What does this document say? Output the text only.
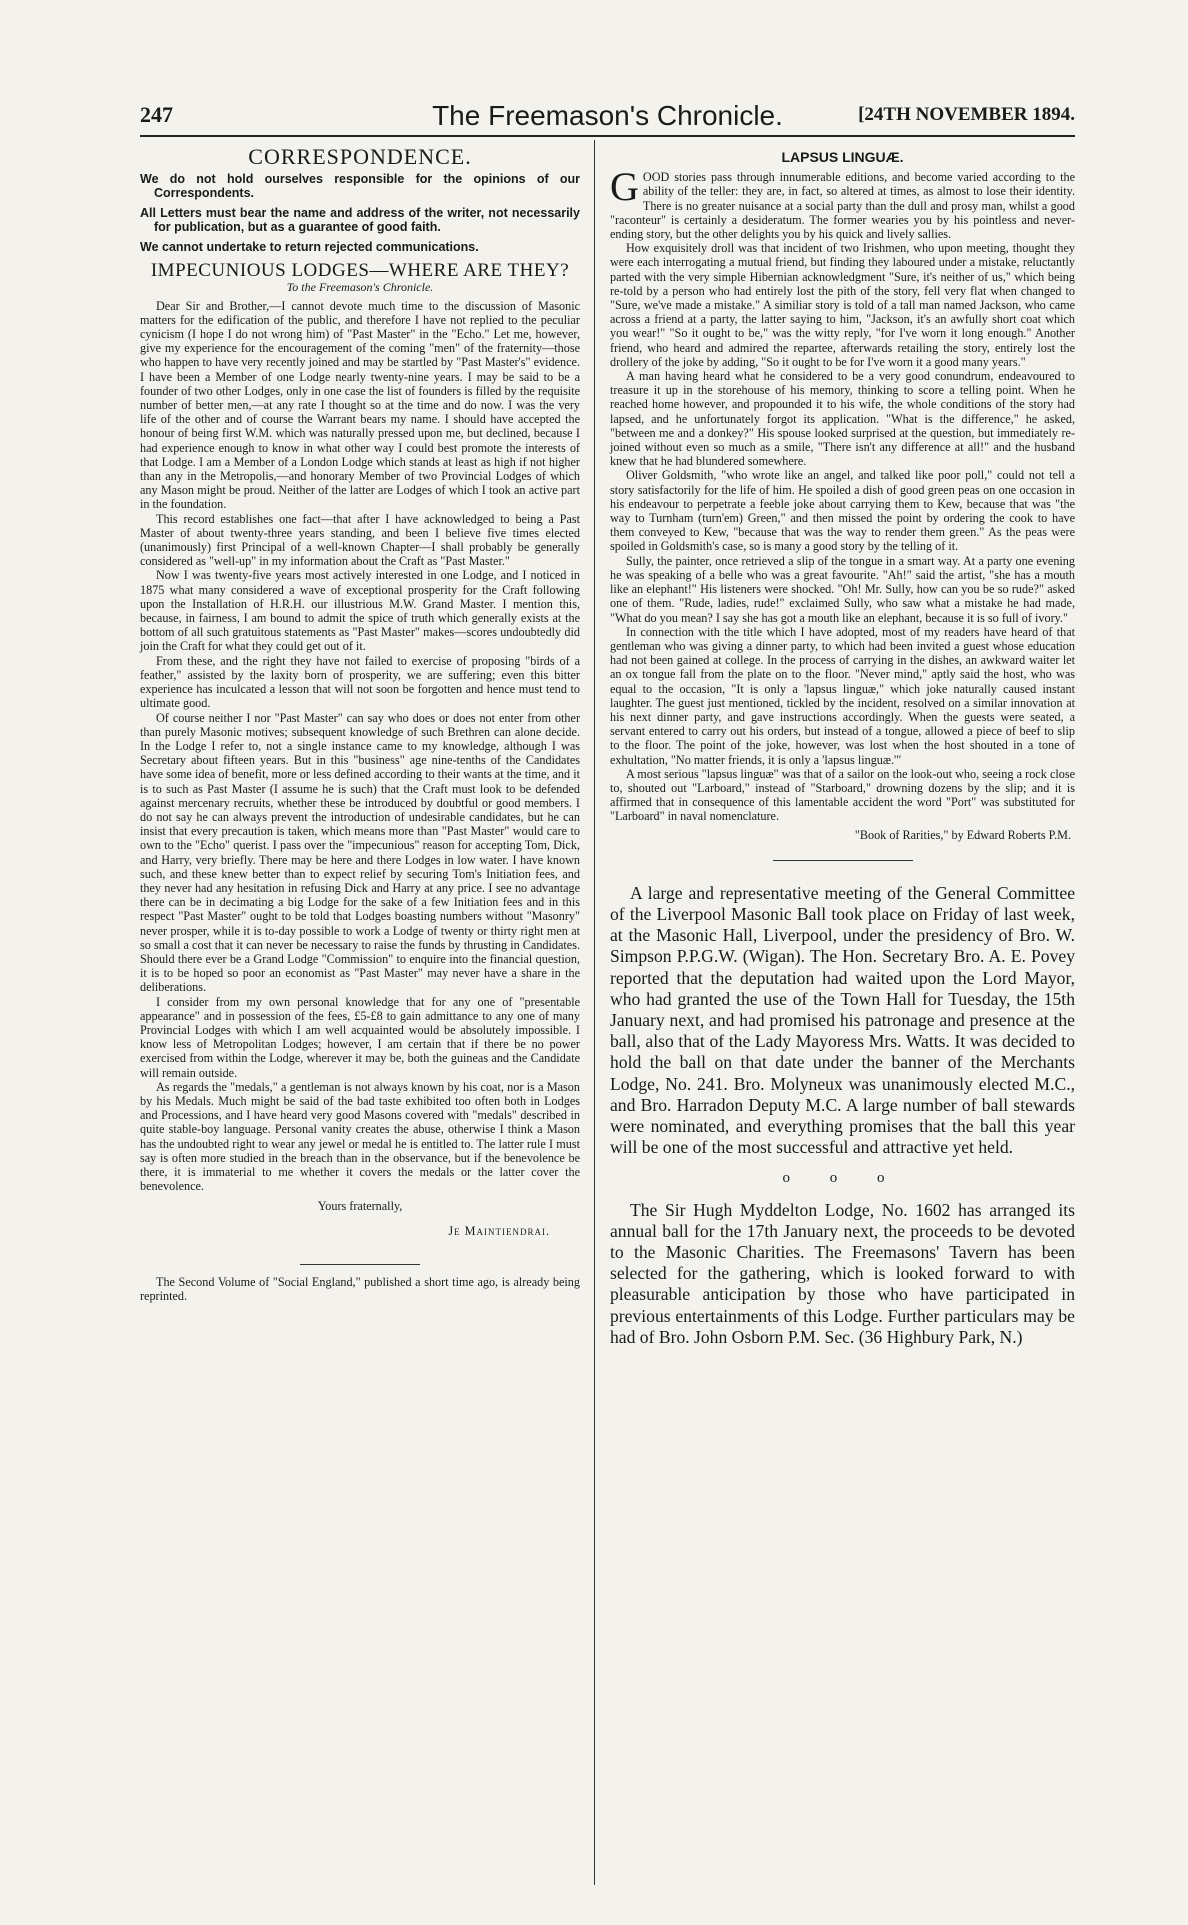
247	The Freemason's Chronicle.	[24TH NOVEMBER 1894.
CORRESPONDENCE.

We do not hold ourselves responsible for the opinions of our Correspondents.

All Letters must bear the name and address of the writer, not necessarily for publication, but as a guarantee of good faith.

We cannot undertake to return rejected communications.

IMPECUNIOUS LODGES—WHERE ARE THEY?
To the Freemason's Chronicle.

Dear Sir and Brother,—I cannot devote much time to the discussion of Masonic matters for the edification of the public, and therefore I have not replied to the peculiar cynicism (I hope I do not wrong him) of "Past Master" in the "Echo." Let me, however, give my experience for the encouragement of the coming "men" of the fraternity—those who happen to have very recently joined and may be startled by "Past Master's" evidence. I have been a Member of one Lodge nearly twenty-nine years. I may be said to be a founder of two other Lodges, only in one case the list of founders is filled by the requisite number of better men,—at any rate I thought so at the time and do now. I was the very life of the other and of course the Warrant bears my name. I should have accepted the honour of being first W.M. which was naturally pressed upon me, but declined, because I had experience enough to know in what other way I could best promote the interests of that Lodge. I am a Member of a London Lodge which stands at least as high if not higher than any in the Metropolis,—and honorary Member of two Provincial Lodges of which any Mason might be proud. Neither of the latter are Lodges of which I took an active part in the foundation.

This record establishes one fact—that after I have acknowledged to being a Past Master of about twenty-three years standing, and been I believe five times elected (unanimously) first Principal of a well-known Chapter—I shall probably be generally considered as "well-up" in my information about the Craft as "Past Master."

Now I was twenty-five years most actively interested in one Lodge, and I noticed in 1875 what many considered a wave of exceptional prosperity for the Craft following upon the Installation of H.R.H. our illustrious M.W. Grand Master. I mention this, because, in fairness, I am bound to admit the spice of truth which generally exists at the bottom of all such gratuitous statements as "Past Master" makes—scores undoubtedly did join the Craft for what they could get out of it.

From these, and the right they have not failed to exercise of proposing "birds of a feather," assisted by the laxity born of prosperity, we are suffering; even this bitter experience has inculcated a lesson that will not soon be forgotten and hence must tend to ultimate good.

Of course neither I nor "Past Master" can say who does or does not enter from other than purely Masonic motives; subsequent knowledge of such Brethren can alone decide. In the Lodge I refer to, not a single instance came to my knowledge, although I was Secretary about fifteen years. But in this "business" age nine-tenths of the Candidates have some idea of benefit, more or less defined according to their wants at the time, and it is to such as Past Master (I assume he is such) that the Craft must look to be defended against mercenary recruits, whether these be introduced by doubtful or good members. I do not say he can always prevent the introduction of undesirable candidates, but he can insist that every precaution is taken, which means more than "Past Master" would care to own to the "Echo" querist. I pass over the "impecunious" reason for accepting Tom, Dick, and Harry, very briefly. There may be here and there Lodges in low water. I have known such, and these knew better than to expect relief by securing Tom's Initiation fees, and they never had any hesitation in refusing Dick and Harry at any price. I see no advantage there can be in decimating a big Lodge for the sake of a few Initiation fees and in this respect "Past Master" ought to be told that Lodges boasting numbers without "Masonry" never prosper, while it is to-day possible to work a Lodge of twenty or thirty right men at so small a cost that it can never be necessary to raise the funds by thrusting in Candidates. Should there ever be a Grand Lodge "Commission" to enquire into the financial question, it is to be hoped so poor an economist as "Past Master" may never have a share in the deliberations.

I consider from my own personal knowledge that for any one of "presentable appearance" and in possession of the fees, £5-£8 to gain admittance to any one of many Provincial Lodges with which I am well acquainted would be absolutely impossible. I know less of Metropolitan Lodges; however, I am certain that if there be no power exercised from within the Lodge, wherever it may be, both the guineas and the Candidate will remain outside.

As regards the "medals," a gentleman is not always known by his coat, nor is a Mason by his Medals. Much might be said of the bad taste exhibited too often both in Lodges and Processions, and I have heard very good Masons covered with "medals" described in quite stable-boy language. Personal vanity creates the abuse, otherwise I think a Mason has the undoubted right to wear any jewel or medal he is entitled to. The latter rule I must say is often more studied in the breach than in the observance, but if the benevolence be there, it is immaterial to me whether it covers the medals or the latter cover the benevolence.

Yours fraternally,
Je Maintiendrai.

The Second Volume of "Social England," published a short time ago, is already being reprinted.

LAPSUS LINGUÆ.

GOOD stories pass through innumerable editions, and become varied according to the ability of the teller: they are, in fact, so altered at times, as almost to lose their identity. There is no greater nuisance at a social party than the dull and prosy man, whilst a good "raconteur" is certainly a desideratum. The former wearies you by his pointless and never-ending story, but the other delights you by his quick and lively sallies.

How exquisitely droll was that incident of two Irishmen, who upon meeting, thought they were each interrogating a mutual friend, but finding they laboured under a mistake, reluctantly parted with the very simple Hibernian acknowledgment "Sure, it's neither of us," which being re-told by a person who had entirely lost the pith of the story, fell very flat when changed to "Sure, we've made a mistake." A similiar story is told of a tall man named Jackson, who came across a friend at a party, the latter saying to him, "Jackson, it's an awfully short coat which you wear!" "So it ought to be," was the witty reply, "for I've worn it long enough." Another friend, who heard and admired the repartee, afterwards retailing the story, entirely lost the drollery of the joke by adding, "So it ought to be for I've worn it a good many years."

A man having heard what he considered to be a very good conundrum, endeavoured to treasure it up in the storehouse of his memory, thinking to score a telling point. When he reached home however, and propounded it to his wife, the whole conditions of the story had lapsed, and he unfortunately forgot its application. "What is the difference," he asked, "between me and a donkey?" His spouse looked surprised at the question, but immediately re-joined without even so much as a smile, "There isn't any difference at all!" and the husband knew that he had blundered somewhere.

Oliver Goldsmith, "who wrote like an angel, and talked like poor poll," could not tell a story satisfactorily for the life of him. He spoiled a dish of good green peas on one occasion in his endeavour to perpetrate a feeble joke about carrying them to Kew, because that was "the way to Turnham (turn'em) Green," and then missed the point by ordering the cook to have them conveyed to Kew, "because that was the way to render them green." As the peas were spoiled in Goldsmith's case, so is many a good story by the telling of it.

Sully, the painter, once retrieved a slip of the tongue in a smart way. At a party one evening he was speaking of a belle who was a great favourite. "Ah!" said the artist, "she has a mouth like an elephant!" His listeners were shocked. "Oh! Mr. Sully, how can you be so rude?" asked one of them. "Rude, ladies, rude!" exclaimed Sully, who saw what a mistake he had made, "What do you mean? I say she has got a mouth like an elephant, because it is so full of ivory."

In connection with the title which I have adopted, most of my readers have heard of that gentleman who was giving a dinner party, to which had been invited a guest whose education had not been gained at college. In the process of carrying in the dishes, an awkward waiter let an ox tongue fall from the plate on to the floor. "Never mind," aptly said the host, who was equal to the occasion, "It is only a 'lapsus linguæ," which joke naturally caused instant laughter. The guest just mentioned, tickled by the incident, resolved on a similar innovation at his next dinner party, and gave instructions accordingly. When the guests were seated, a servant entered to carry out his orders, but instead of a tongue, allowed a piece of beef to slip to the floor. The point of the joke, however, was lost when the host shouted in a tone of exhultation, "No matter friends, it is only a 'lapsus linguæ.'"

A most serious "lapsus linguæ" was that of a sailor on the look-out who, seeing a rock close to, shouted out "Larboard," instead of "Starboard," drowning dozens by the slip; and it is affirmed that in consequence of this lamentable accident the word "Port" was substituted for "Larboard" in naval nomenclature.

"Book of Rarities," by Edward Roberts P.M.

A large and representative meeting of the General Committee of the Liverpool Masonic Ball took place on Friday of last week, at the Masonic Hall, Liverpool, under the presidency of Bro. W. Simpson P.P.G.W. (Wigan). The Hon. Secretary Bro. A. E. Povey reported that the deputation had waited upon the Lord Mayor, who had granted the use of the Town Hall for Tuesday, the 15th January next, and had promised his patronage and presence at the ball, also that of the Lady Mayoress Mrs. Watts. It was decided to hold the ball on that date under the banner of the Merchants Lodge, No. 241. Bro. Molyneux was unanimously elected M.C., and Bro. Harradon Deputy M.C. A large number of ball stewards were nominated, and everything promises that the ball this year will be one of the most successful and attractive yet held.

o o o

The Sir Hugh Myddelton Lodge, No. 1602 has arranged its annual ball for the 17th January next, the proceeds to be devoted to the Masonic Charities. The Freemasons' Tavern has been selected for the gathering, which is looked forward to with pleasurable anticipation by those who have participated in previous entertainments of this Lodge. Further particulars may be had of Bro. John Osborn P.M. Sec. (36 Highbury Park, N.)
